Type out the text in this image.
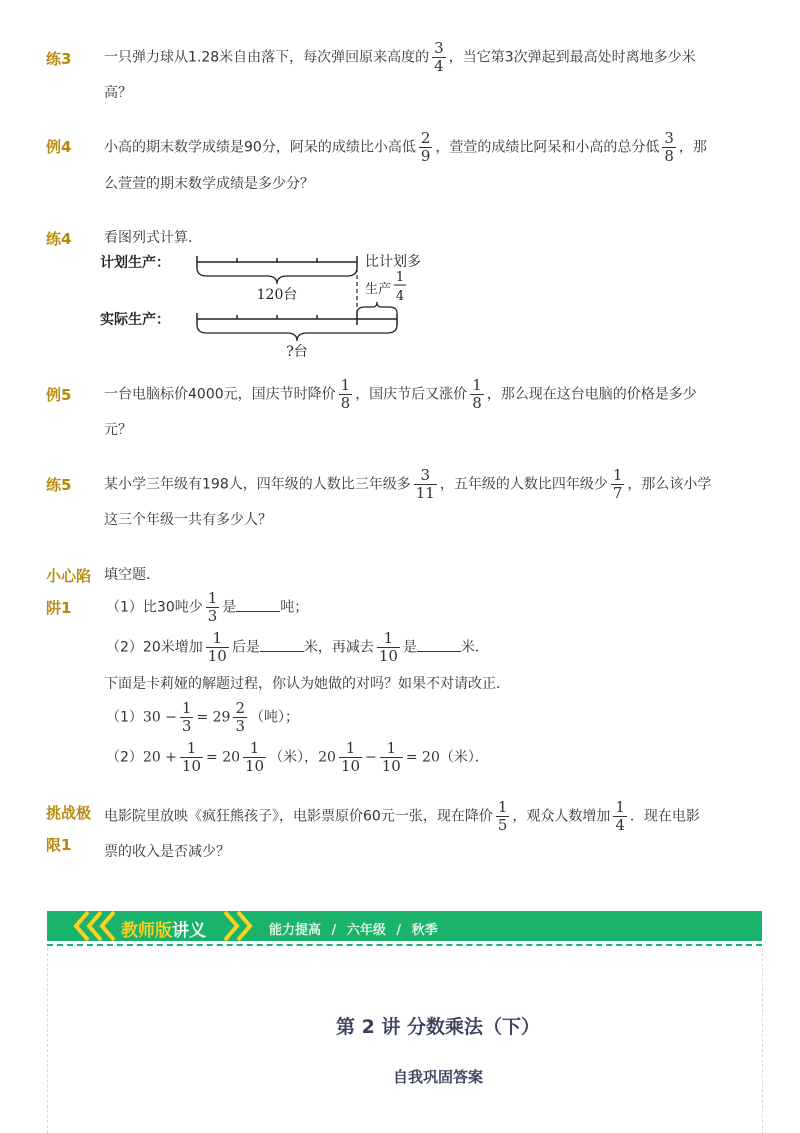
练3 一只弹力球从1.28米自由落下，每次弹回原来高度的 $\frac{3}{4}$ ，当它第3次弹起到最高处时离地多少米
高？
例4 小高的期末数学成绩是90分，阿呆的成绩比小高低 $\frac{2}{9}$ ，萱萱的成绩比阿呆和小高的总分低 $\frac{3}{8}$ ，那
么萱萱的期末数学成绩是多少分？
练4 看图列式计算．
计划生产：
120台
比计划多
生产
1
4
实际生产：
?台
例5 一台电脑标价4000元，国庆节时降价 $\frac{1}{8}$ ，国庆节后又涨价 $\frac{1}{8}$ ，那么现在这台电脑的价格是多少
元？
练5 某小学三年级有198人，四年级的人数比三年级多 $\frac{3}{11}$ ，五年级的人数比四年级少 $\frac{1}{7}$ ，那么该小学
这三个年级一共有多少人？
小心陷
阱1
填空题．
（1）比30吨少 $\frac{1}{3}$ 是	吨；
（2）20米增加 $\frac{1}{10}$ 后是	米，再减去 $\frac{1}{10}$ 是	米．
下面是卡莉娅的解题过程，你认为她做的对吗？如果不对请改正．
$(1)30 - \frac{1}{3} = 29 \frac{2}{3}$ （吨）；
$(2)20 + \frac{1}{10} = 20 \frac{1}{10}$ （米），$20 \frac{1}{10} - \frac{1}{10} = 20$（米）．
挑战极
限1
电影院里放映《疯狂熊孩子》，电影票原价60元一张，现在降价 $\frac{1}{5}$ ，观众人数增加 $\frac{1}{4}$ ．现在电影
票的收入是否减少？
教师版讲义	能力提高 / 六年级 / 秋季
第 2 讲 分数乘法（下）
自我巩固答案
